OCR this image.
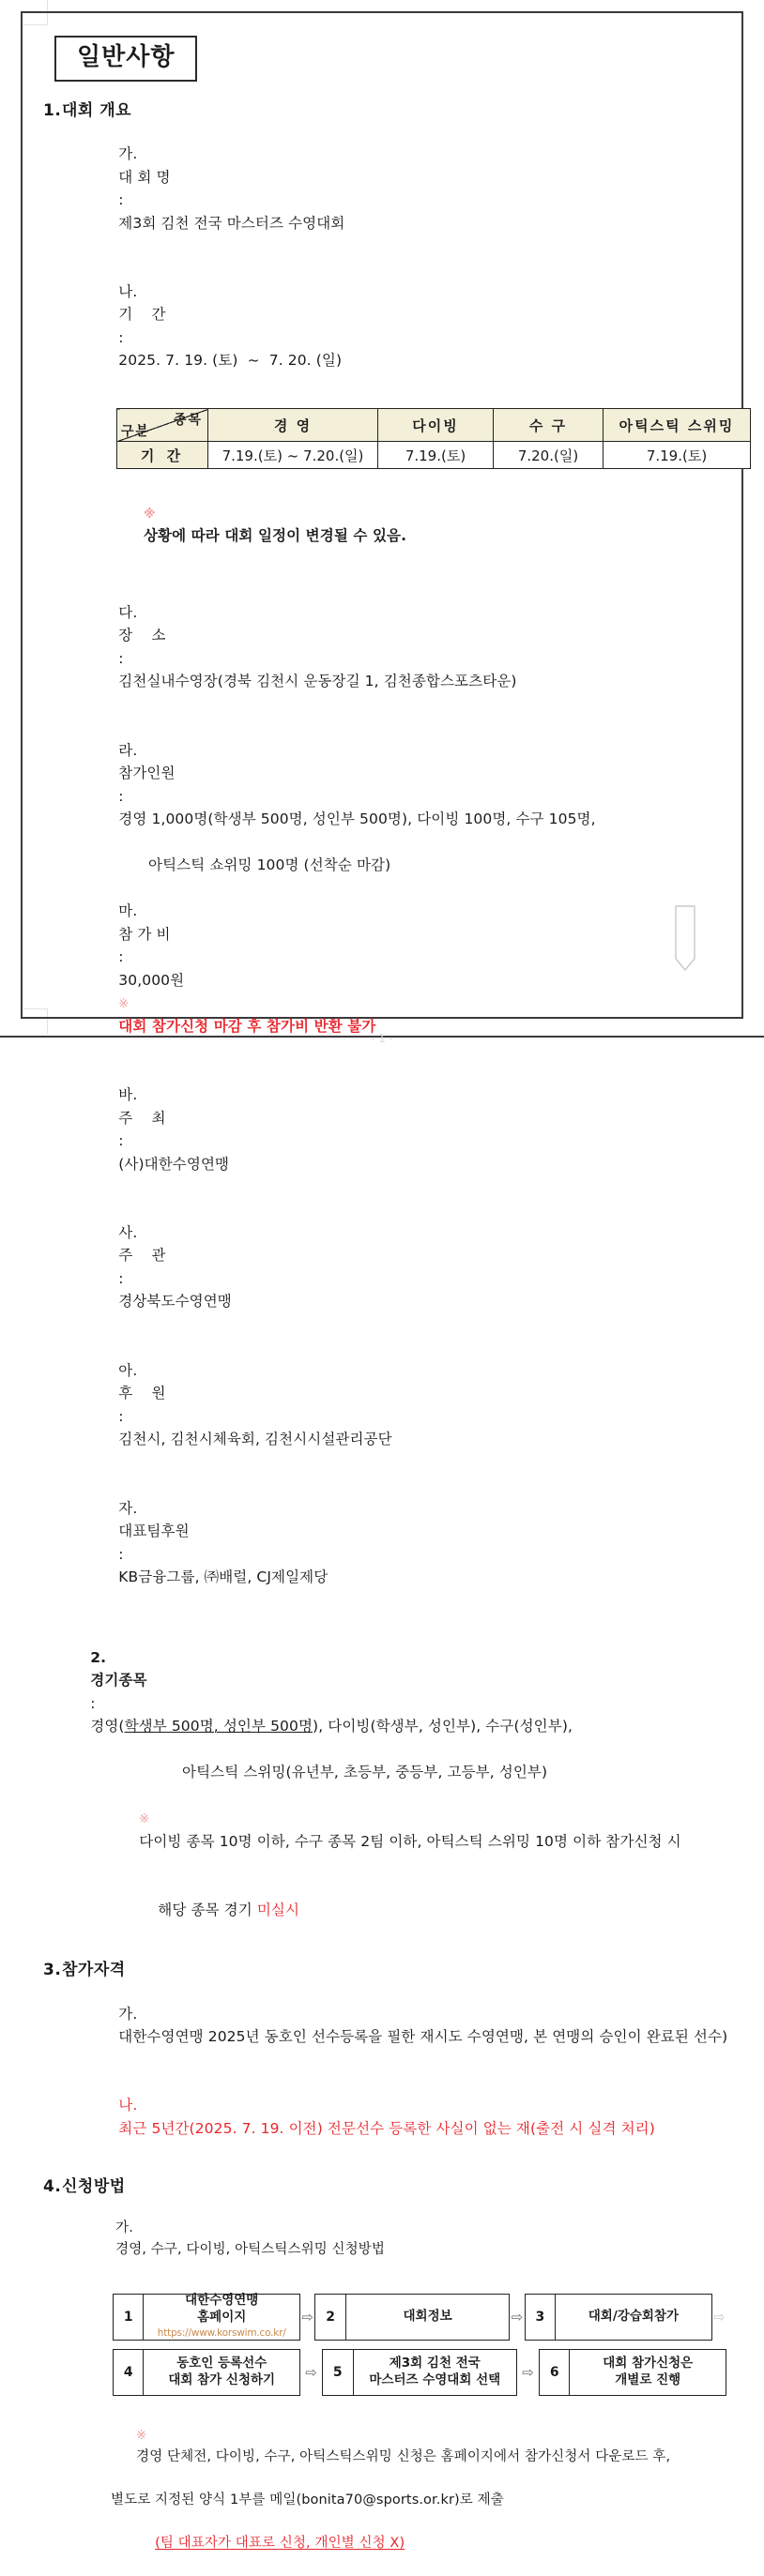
일반사항
1.대회 개요

가.
대 회 명
:
제3회 김천 전국 마스터즈 수영대회

나.
기    간
:
2025. 7. 19. (토)  ~  7. 20. (일)

종목
구분	경 영	다이빙	수 구	아틱스틱 스위밍
기 간	7.19.(토) ~ 7.20.(일)	7.19.(토)	7.20.(일)	7.19.(토)

※
상황에 따라 대회 일정이 변경될 수 있음.

다.
장    소
:
김천실내수영장(경북 김천시 운동장길 1, 김천종합스포츠타운)

라.
참가인원
:
경영 1,000명(학생부 500명, 성인부 500명), 다이빙 100명, 수구 105명,

아틱스틱 쇼위밍 100명 (선착순 마감)

마.
참 가 비
:
30,000원
※
대회 참가신청 마감 후 참가비 반환 불가

바.
주    최
:
(사)대한수영연맹

사.
주    관
:
경상북도수영연맹

아.
후    원
:
김천시, 김천시체육회, 김천시시설관리공단

자.
대표팀후원
:
KB금융그룹, ㈜배럴, CJ제일제당

2.
경기종목
:
경영(학생부 500명, 성인부 500명), 다이빙(학생부, 성인부), 수구(성인부),

아틱스틱 스위밍(유년부, 초등부, 중등부, 고등부, 성인부)

※
다이빙 종목 10명 이하, 수구 종목 2팀 이하, 아틱스틱 스위밍 10명 이하 참가신청 시

해당 종목 경기 미실시

3.참가자격

가.
대한수영연맹 2025년 동호인 선수등록을 필한 재시도 수영연맹, 본 연맹의 승인이 완료된 선수)

나.
최근 5년간(2025. 7. 19. 이전) 전문선수 등록한 사실이 없는 재(출전 시 실격 처리)

4.신청방법

가.
경영, 수구, 다이빙, 아틱스틱스위밍 신청방법

1
대한수영연맹
홈페이지
https://www.korswim.co.kr/
⇨ 2	대회정보	⇨ 3	대회/강습회참가 ⇨
4
동호인 등록선수
대회 참가 신청하기	⇨	5
제3회 김천 전국
마스터즈 수영대회 선택	⇨	6
대회 참가신청은
개별로 진행

※
경영 단체전, 다이빙, 수구, 아틱스틱스위밍 신청은 홈페이지에서 참가신청서 다운로드 후,

별도로 지정된 양식 1부를 메일(bonita70@sports.or.kr)로 제출

(팀 대표자가 대표로 신청, 개인별 신청 X)

- 1 -
